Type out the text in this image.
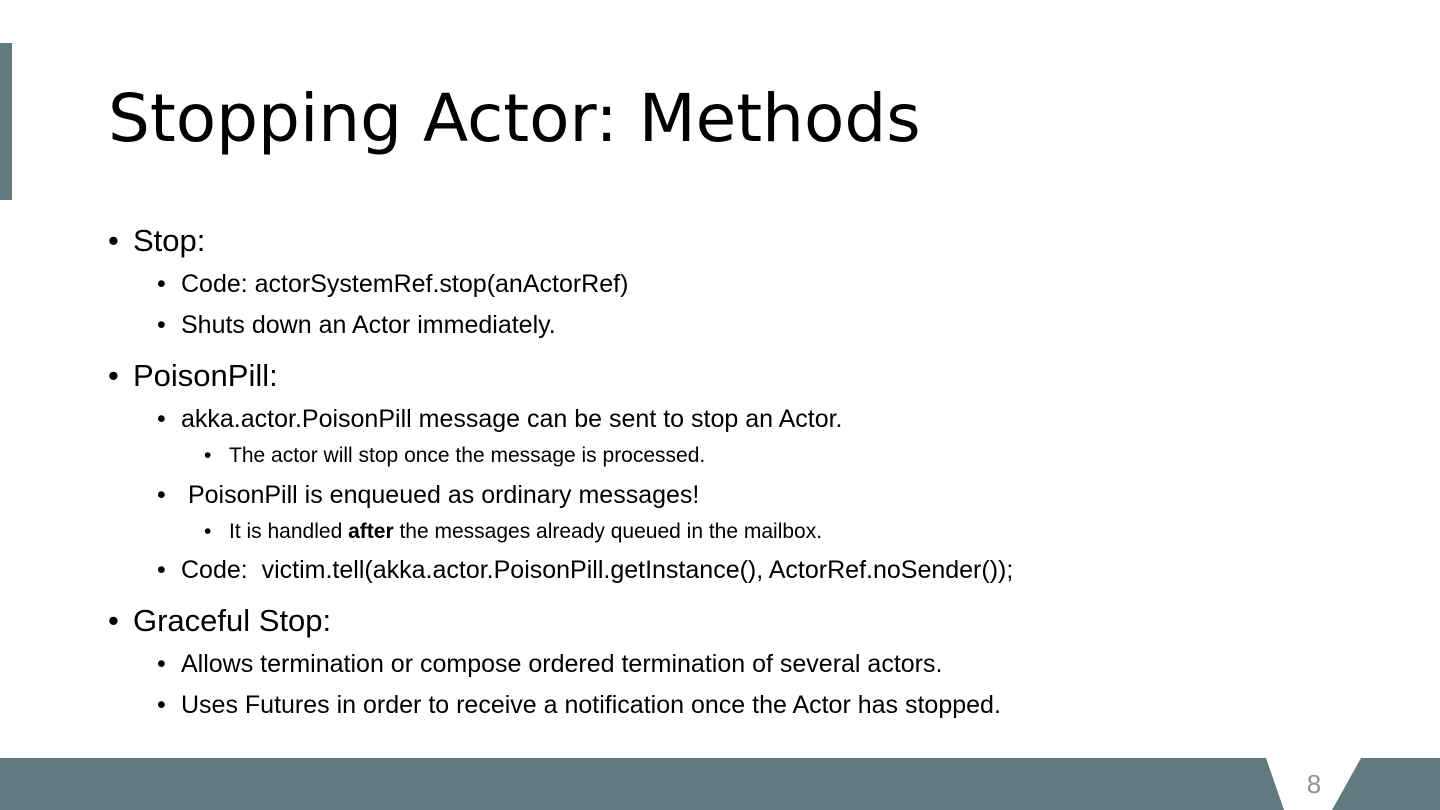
Stopping Actor: Methods
• Stop:
• Code: actorSystemRef.stop(anActorRef)
• Shuts down an Actor immediately.
• PoisonPill:
• akka.actor.PoisonPill message can be sent to stop an Actor.
• The actor will stop once the message is processed.
• PoisonPill is enqueued as ordinary messages!
• It is handled after the messages already queued in the mailbox.
• Code:  victim.tell(akka.actor.PoisonPill.getInstance(), ActorRef.noSender());
• Graceful Stop:
• Allows termination or compose ordered termination of several actors.
• Uses Futures in order to receive a notification once the Actor has stopped.
8
